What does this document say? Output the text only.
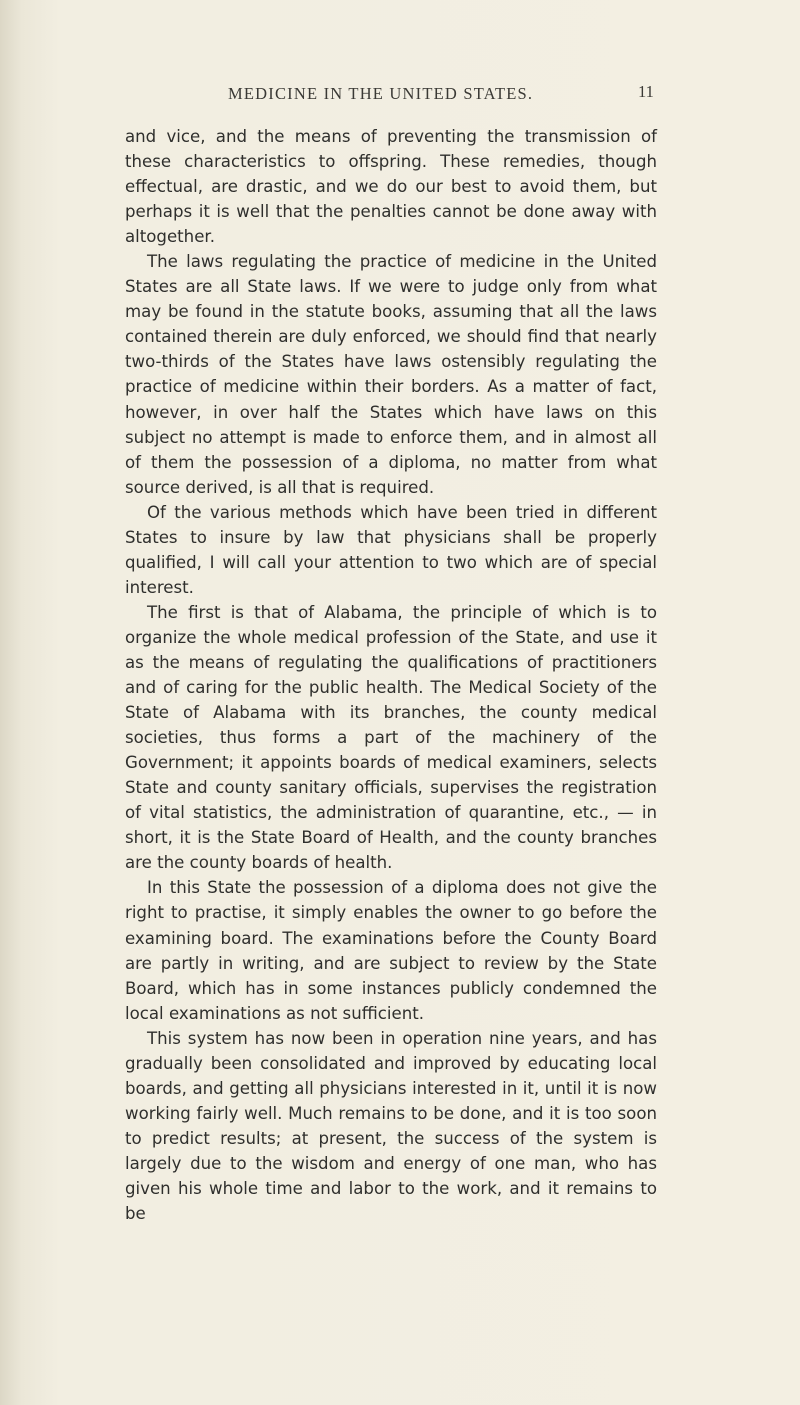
MEDICINE IN THE UNITED STATES.	11

and vice, and the means of preventing the transmission of these characteristics to offspring. These remedies, though effectual, are drastic, and we do our best to avoid them, but perhaps it is well that the penalties cannot be done away with altogether.

The laws regulating the practice of medicine in the United States are all State laws. If we were to judge only from what may be found in the statute books, assuming that all the laws contained therein are duly enforced, we should find that nearly two-thirds of the States have laws ostensibly regulating the practice of medicine within their borders. As a matter of fact, however, in over half the States which have laws on this subject no attempt is made to enforce them, and in almost all of them the possession of a diploma, no matter from what source derived, is all that is required.

Of the various methods which have been tried in different States to insure by law that physicians shall be properly qualified, I will call your attention to two which are of special interest.

The first is that of Alabama, the principle of which is to organize the whole medical profession of the State, and use it as the means of regulating the qualifications of practitioners and of caring for the public health. The Medical Society of the State of Alabama with its branches, the county medical societies, thus forms a part of the machinery of the Government; it appoints boards of medical examiners, selects State and county sanitary officials, supervises the registration of vital statistics, the administration of quarantine, etc., — in short, it is the State Board of Health, and the county branches are the county boards of health.

In this State the possession of a diploma does not give the right to practise, it simply enables the owner to go before the examining board. The examinations before the County Board are partly in writing, and are subject to review by the State Board, which has in some instances publicly condemned the local examinations as not sufficient.

This system has now been in operation nine years, and has gradually been consolidated and improved by educating local boards, and getting all physicians interested in it, until it is now working fairly well. Much remains to be done, and it is too soon to predict results; at present, the success of the system is largely due to the wisdom and energy of one man, who has given his whole time and labor to the work, and it remains to be
